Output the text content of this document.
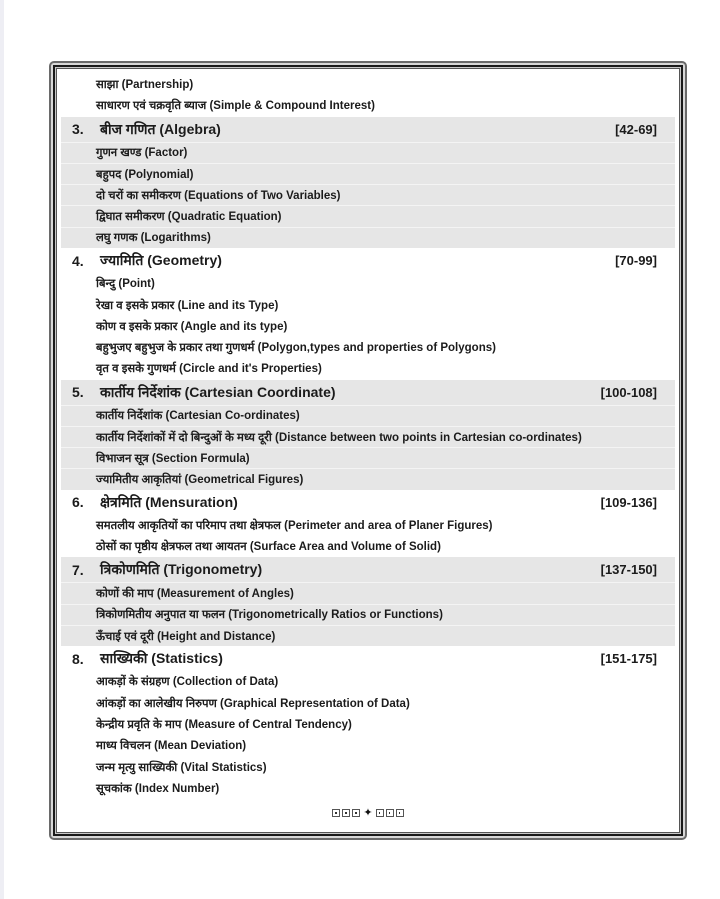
साझा (Partnership)
साधारण एवं चक्रवृति ब्याज (Simple & Compound Interest)
3.	बीज गणित (Algebra)	[42-69]
गुणन खण्ड (Factor)
बहुपद (Polynomial)
दो चरों का समीकरण (Equations of Two Variables)
द्विघात समीकरण (Quadratic Equation)
लघु गणक (Logarithms)
4.	ज्यामिति (Geometry)	[70-99]
बिन्दु (Point)
रेखा व इसके प्रकार (Line and its Type)
कोण व इसके प्रकार (Angle and its type)
बहुभुजए बहुभुज के प्रकार तथा गुणधर्म (Polygon,types and properties of Polygons)
वृत व इसके गुणधर्म (Circle and it's Properties)
5.	कार्तीय निर्देशांक (Cartesian Coordinate)	[100-108]
कार्तीय निर्देशांक (Cartesian Co-ordinates)
कार्तीय निर्देशांकों में दो बिन्दुओं के मध्य दूरी (Distance between two points in Cartesian co-ordinates)
विभाजन सूत्र (Section Formula)
ज्यामितीय आकृतियां (Geometrical Figures)
6.	क्षेत्रमिति (Mensuration)	[109-136]
समतलीय आकृतियों का परिमाप तथा क्षेत्रफल (Perimeter and area of Planer Figures)
ठोसों का पृष्ठीय क्षेत्रफल तथा आयतन (Surface Area and Volume of Solid)
7.	त्रिकोणमिति (Trigonometry)	[137-150]
कोणों की माप (Measurement of Angles)
त्रिकोणमितीय अनुपात या फलन (Trigonometrically Ratios or Functions)
ऊँचाई एवं दूरी (Height and Distance)
8.	साख्यिकी (Statistics)	[151-175]
आकड़ों के संग्रहण (Collection of Data)
आंकड़ों का आलेखीय निरुपण (Graphical Representation of Data)
केन्द्रीय प्रवृति के माप (Measure of Central Tendency)
माध्य विचलन (Mean Deviation)
जन्म मृत्यु साख्यिकी (Vital Statistics)
सूचकांक (Index Number)
✦
